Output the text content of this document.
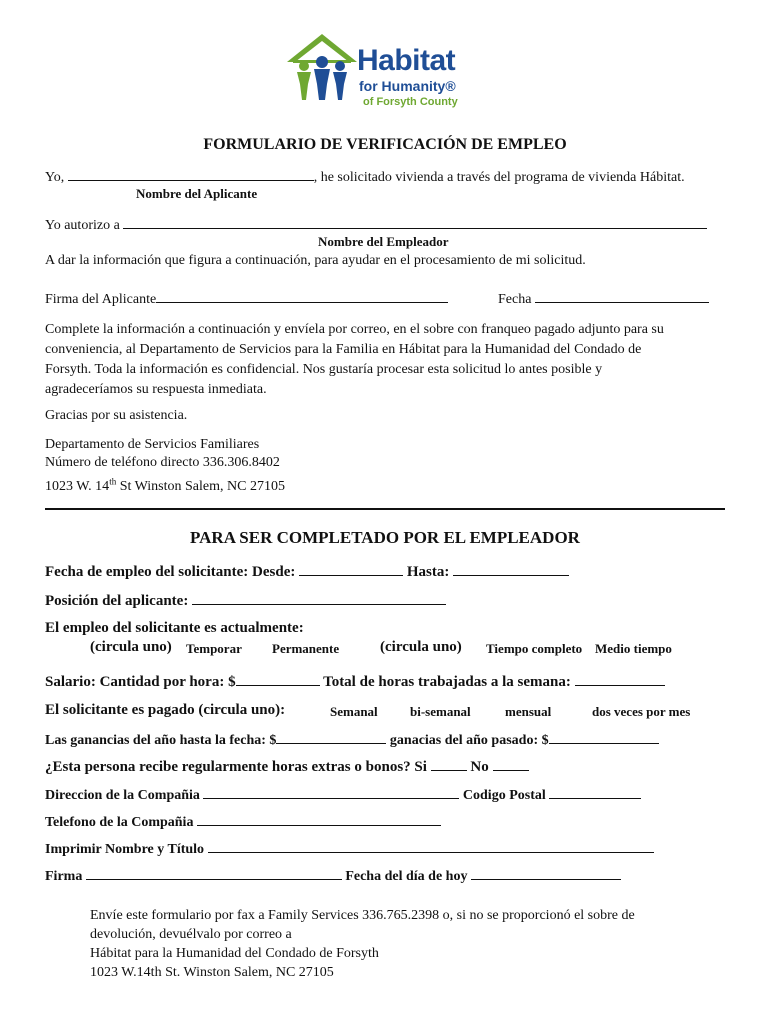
Habitat
for Humanity®
of Forsyth County
FORMULARIO DE VERIFICACIÓN DE EMPLEO
Yo,	, he solicitado vivienda a través del programa de vivienda Hábitat.
Nombre del Aplicante
Yo autorizo a
Nombre del Empleador
A dar la información que figura a continuación, para ayudar en el procesamiento de mi solicitud.
Firma del Aplicante	Fecha

Complete la información a continuación y envíela por correo, en el sobre con franqueo pagado adjunto para su
conveniencia, al Departamento de Servicios para la Familia en Hábitat para la Humanidad del Condado de
Forsyth. Toda la información es confidencial. Nos gustaría procesar esta solicitud lo antes posible y
agradeceríamos su respuesta inmediata.

Gracias por su asistencia.

Departamento de Servicios Familiares
Número de teléfono directo 336.306.8402
1023 W. 14th St Winston Salem, NC 27105

PARA SER COMPLETADO POR EL EMPLEADOR
Fecha de empleo del solicitante: Desde:	Hasta:
Posición del aplicante:
El empleo del solicitante es actualmente:
(circula uno) Temporar Permanente	(circula uno) Tiempo completo Medio tiempo
Salario: Cantidad por hora: $	Total de horas trabajadas a la semana:
El solicitante es pagado (circula uno):	Semanal bi-semanal	mensual	dos veces por mes
Las ganancias del año hasta la fecha: $	ganacias del año pasado: $
¿Esta persona recibe regularmente horas extras o bonos? Si	No
Direccion de la Compañia	Codigo Postal
Telefono de la Compañia
Imprimir Nombre y Título
Firma	Fecha del día de hoy

Envíe este formulario por fax a Family Services 336.765.2398 o, si no se proporcionó el sobre de
devolución, devuélvalo por correo a
Hábitat para la Humanidad del Condado de Forsyth
1023 W.14th St. Winston Salem, NC 27105
